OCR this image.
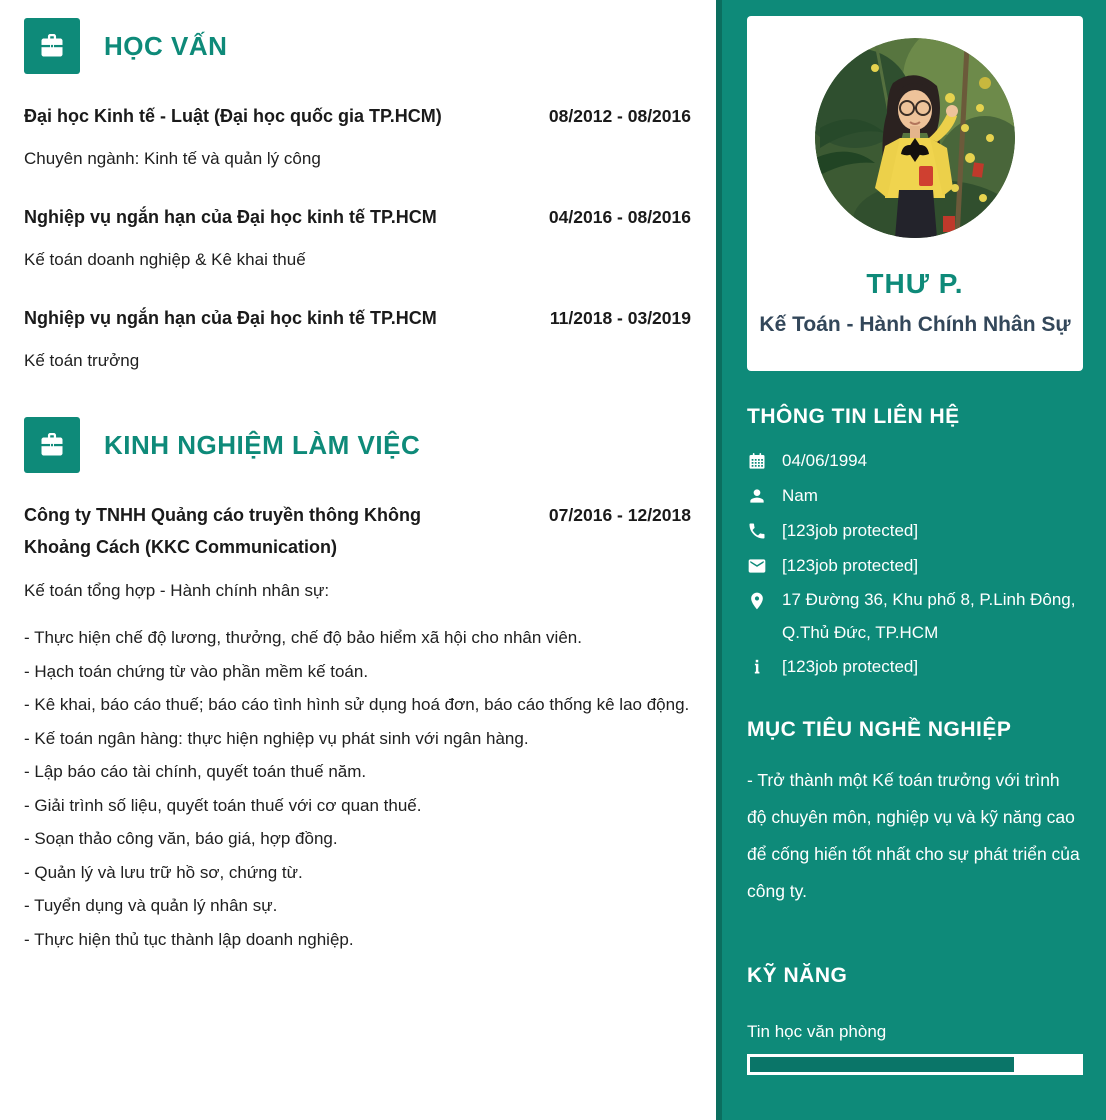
HỌC VẤN
Đại học Kinh tế - Luật (Đại học quốc gia TP.HCM)	08/2012 - 08/2016

Chuyên ngành: Kinh tế và quản lý công

Nghiệp vụ ngắn hạn của Đại học kinh tế TP.HCM	04/2016 - 08/2016

Kế toán doanh nghiệp & Kê khai thuế

Nghiệp vụ ngắn hạn của Đại học kinh tế TP.HCM	11/2018 - 03/2019

Kế toán trưởng

KINH NGHIỆM LÀM VIỆC
Công ty TNHH Quảng cáo truyền thông Không Khoảng Cách (KKC Communication)
07/2016 - 12/2018

Kế toán tổng hợp - Hành chính nhân sự:

- Thực hiện chế độ lương, thưởng, chế độ bảo hiểm xã hội cho nhân viên.

- Hạch toán chứng từ vào phần mềm kế toán.

- Kê khai, báo cáo thuế; báo cáo tình hình sử dụng hoá đơn, báo cáo thống kê lao động.

- Kế toán ngân hàng: thực hiện nghiệp vụ phát sinh với ngân hàng.

- Lập báo cáo tài chính, quyết toán thuế năm.

- Giải trình số liệu, quyết toán thuế với cơ quan thuế.

- Soạn thảo công văn, báo giá, hợp đồng.

- Quản lý và lưu trữ hồ sơ, chứng từ.

- Tuyển dụng và quản lý nhân sự.

- Thực hiện thủ tục thành lập doanh nghiệp.

THƯ P.
Kế Toán - Hành Chính Nhân Sự
THÔNG TIN LIÊN HỆ
04/06/1994
Nam
[123job protected]
[123job protected]
17 Đường 36, Khu phố 8, P.Linh Đông, Q.Thủ Đức, TP.HCM
[123job protected]
MỤC TIÊU NGHỀ NGHIỆP

- Trở thành một Kế toán trưởng với trình độ chuyên môn, nghiệp vụ và kỹ năng cao để cống hiến tốt nhất cho sự phát triển của công ty.

KỸ NĂNG
Tin học văn phòng
